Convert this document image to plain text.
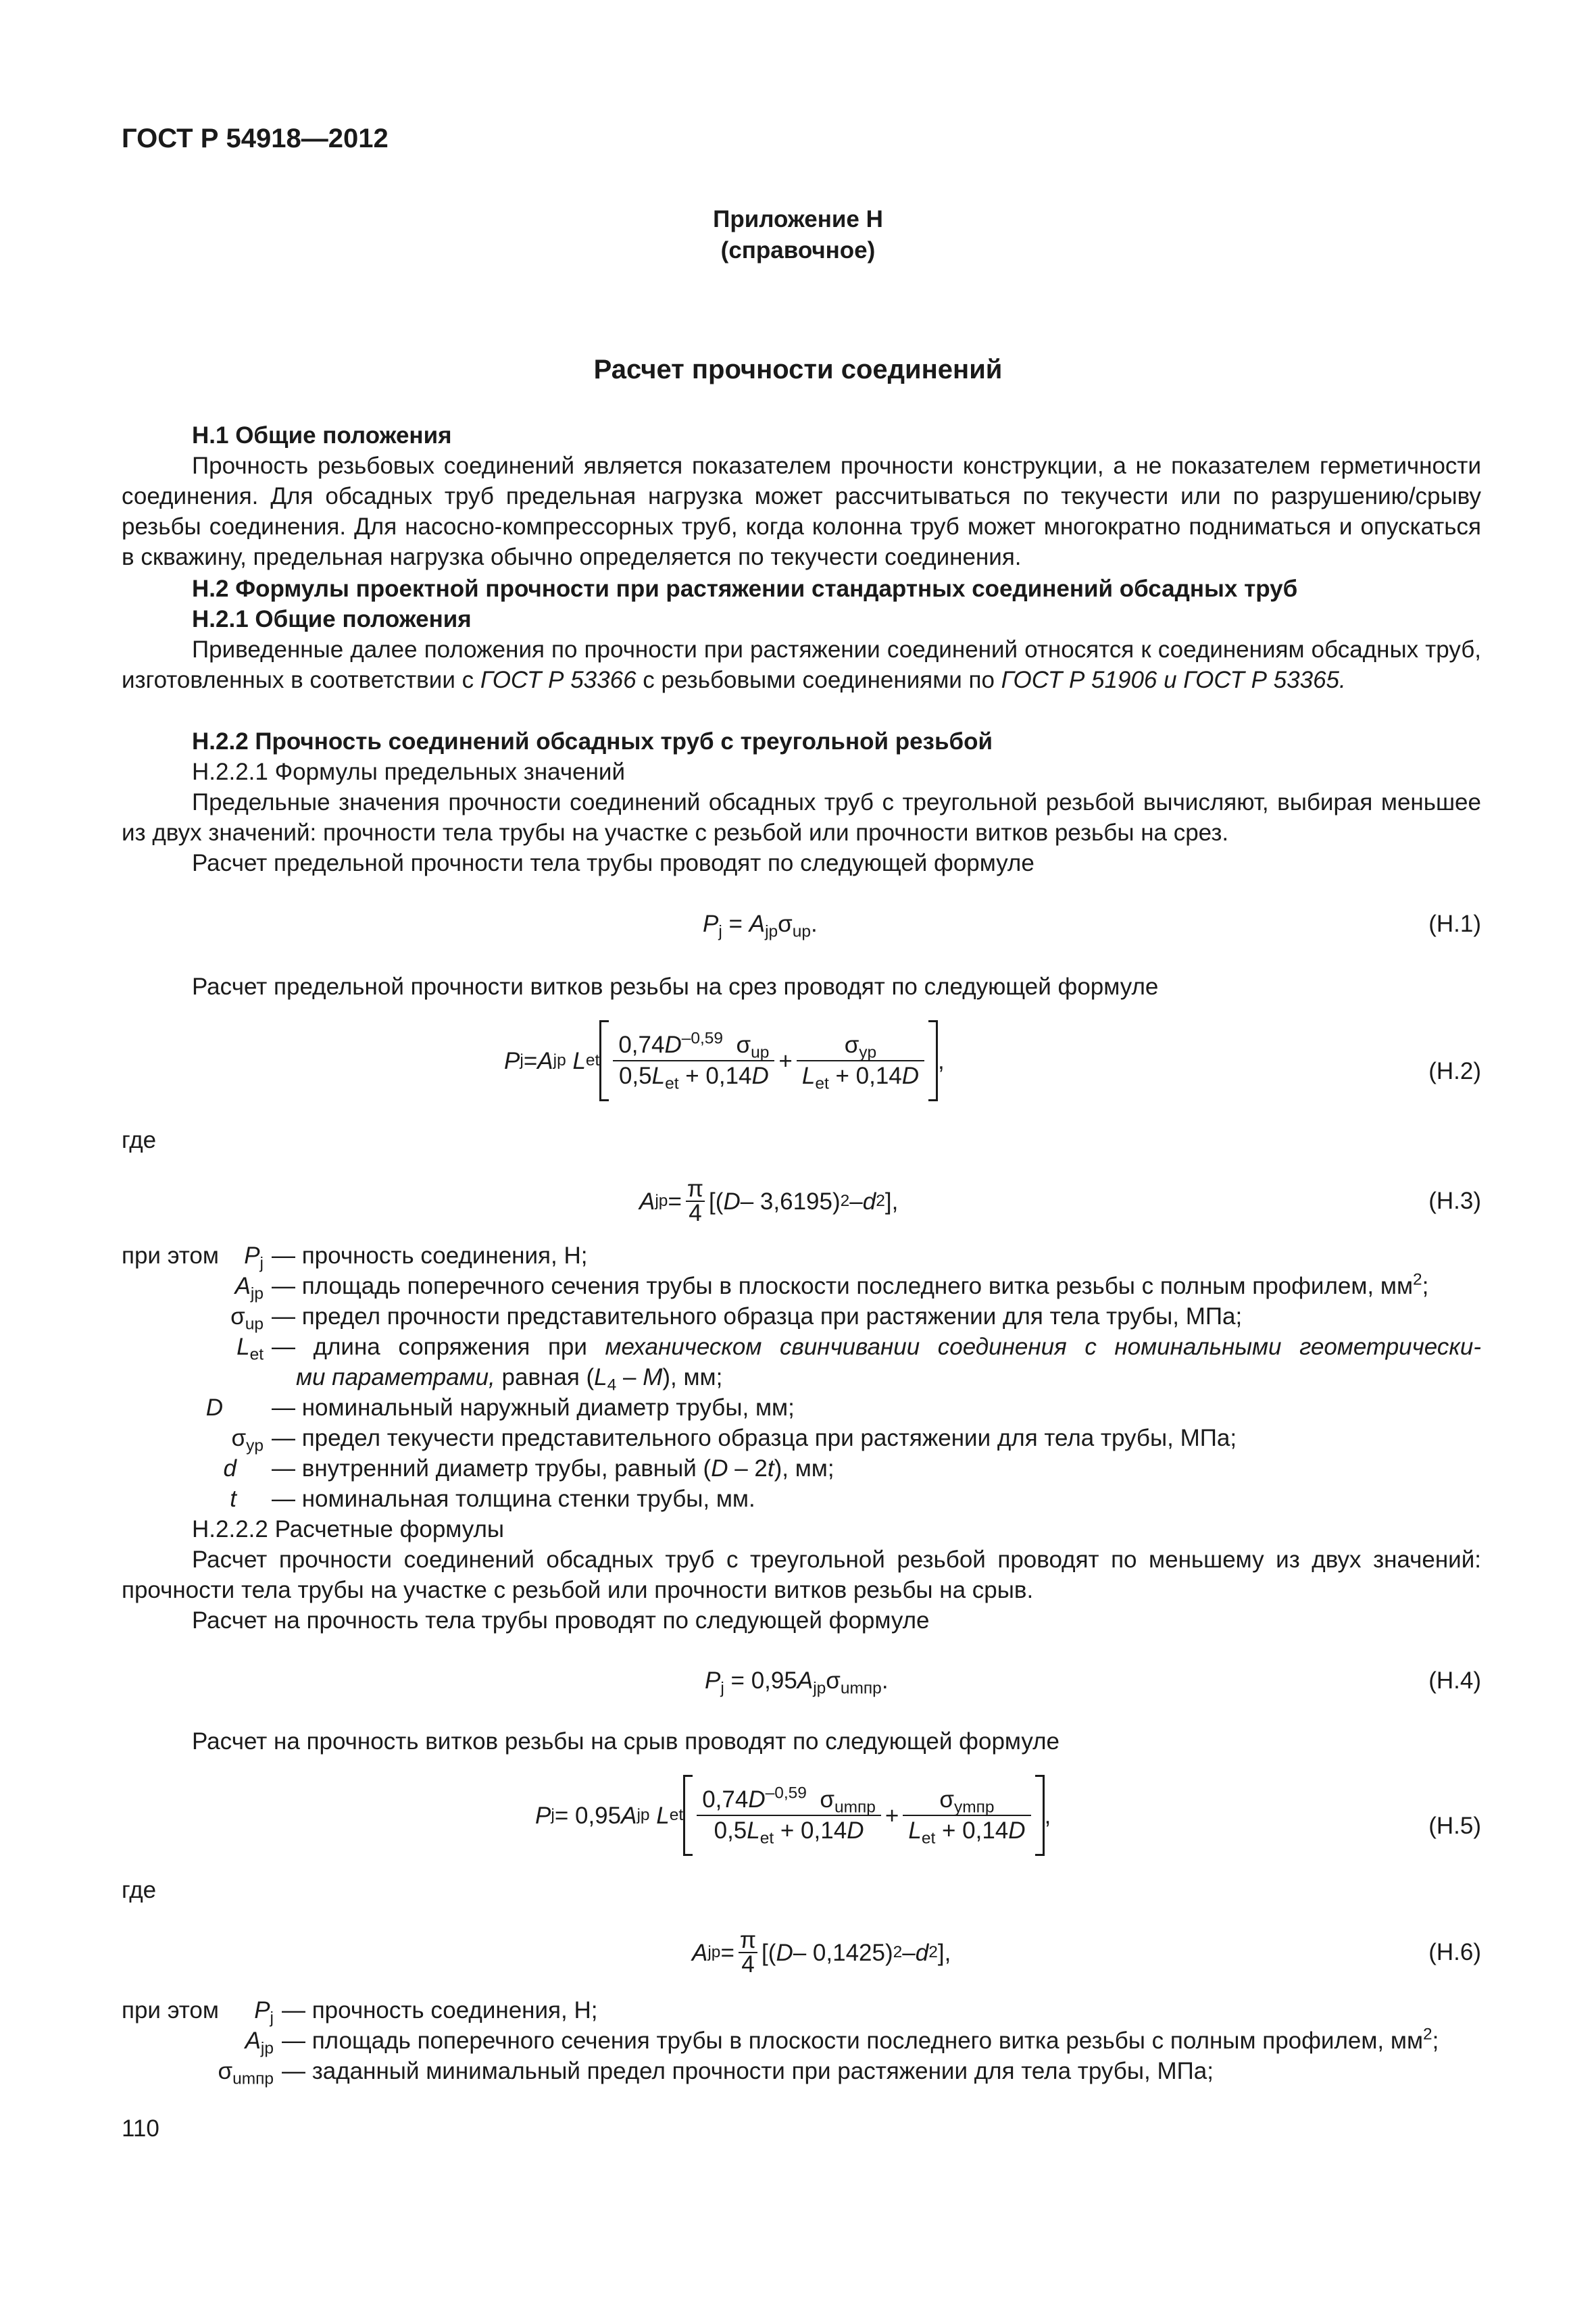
ГОСТ Р 54918—2012
Приложение Н
(справочное)
Расчет прочности соединений
Н.1 Общие положения
Прочность резьбовых соединений является показателем прочности конструкции, а не показателем герметичности соединения. Для обсадных труб предельная нагрузка может рассчитываться по текучести или по разрушению/срыву резьбы соединения. Для насосно-компрессорных труб, когда колонна труб может многократно подниматься и опускаться в скважину, предельная нагрузка обычно определяется по текучести соединения.
Н.2 Формулы проектной прочности при растяжении стандартных соединений обсадных труб
Н.2.1 Общие положения
Приведенные далее положения по прочности при растяжении соединений относятся к соединениям обсадных труб, изготовленных в соответствии с ГОСТ Р 53366 с резьбовыми соединениями по ГОСТ Р 51906 и ГОСТ Р 53365.
Н.2.2 Прочность соединений обсадных труб с треугольной резьбой
Н.2.2.1 Формулы предельных значений
Предельные значения прочности соединений обсадных труб с треугольной резьбой вычисляют, выбирая меньшее из двух значений: прочности тела трубы на участке с резьбой или прочности витков резьбы на срез.
Расчет предельной прочности тела трубы проводят по следующей формуле
$P_j = A_{jp}\sigma_{up}$.	(Н.1)
Расчет предельной прочности витков резьбы на срез проводят по следующей формуле
P j = A jp
L et $\frac{0,74D^{-0,59} \sigma_{up}}{0,5L_{et} + 0,14D} + \frac{\sigma_{yp}}{L_{et} + 0,14D}$ ,	(Н.2)
где
A jp = $\frac{\pi}{4}$ [( D – 3,6195) 2 – d 2 ],	(Н.3)
при этом	$P_j$ — прочность соединения, Н;
$A_{jp}$ — площадь поперечного сечения трубы в плоскости последнего витка резьбы с полным профилем, $мм^2$;
$\sigma_{up}$ — предел прочности представительного образца при растяжении для тела трубы, МПа;
$L_{et}$ — длина сопряжения при механическом свинчивании соединения с номинальными геометрически-
ми параметрами, равная $(L_4 - M)$, мм;
D — номинальный наружный диаметр трубы, мм;
$\sigma_{yp}$ — предел текучести представительного образца при растяжении для тела трубы, МПа;
d — внутренний диаметр трубы, равный (D – 2t), мм;
t — номинальная толщина стенки трубы, мм.
Н.2.2.2 Расчетные формулы
Расчет прочности соединений обсадных труб с треугольной резьбой проводят по меньшему из двух значений: прочности тела трубы на участке с резьбой или прочности витков резьбы на срыв.
Расчет на прочность тела трубы проводят по следующей формуле
$P_j = 0,95A_{jp}\sigma_{umпр}$.	(Н.4)
Расчет на прочность витков резьбы на срыв проводят по следующей формуле
P j = 0,95 A jp
L et $\frac{0,74D^{-0,59} \sigma_{umпр}}{0,5L_{et} + 0,14D} + \frac{\sigma_{ymпр}}{L_{et} + 0,14D}$ ,	(Н.5)
где
A jp = $\frac{\pi}{4}$ [( D – 0,1425) 2 – d 2 ],	(Н.6)
при этом	$P_j$ — прочность соединения, Н;
$A_{jp}$ — площадь поперечного сечения трубы в плоскости последнего витка резьбы с полным профилем, $мм^2$;
$\sigma_{umпр}$ — заданный минимальный предел прочности при растяжении для тела трубы, МПа;
110
